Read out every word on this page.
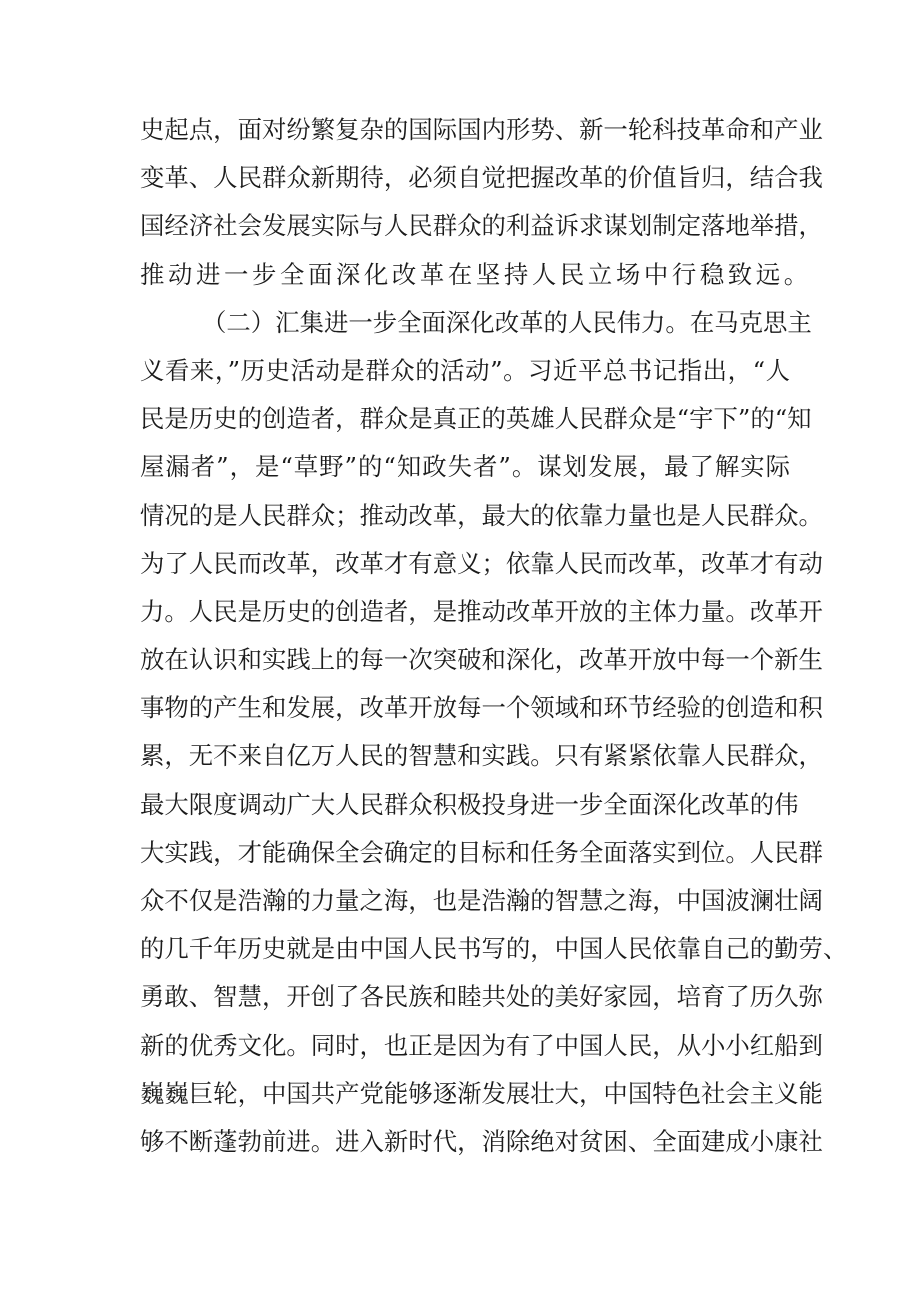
史起点，面对纷繁复杂的国际国内形势、新一轮科技革命和产业
变革、人民群众新期待，必须自觉把握改革的价值旨归，结合我
国经济社会发展实际与人民群众的利益诉求谋划制定落地举措，
推动进一步全面深化改革在坚持人民立场中行稳致远。
（二）汇集进一步全面深化改革的人民伟力。在马克思主
义看来，”历史活动是群众的活动”。习近平总书记指出，“人
民是历史的创造者，群众是真正的英雄人民群众是“宇下”的“知
屋漏者”，是“草野”的“知政失者”。谋划发展，最了解实际
情况的是人民群众；推动改革，最大的依靠力量也是人民群众。
为了人民而改革，改革才有意义；依靠人民而改革，改革才有动
力。人民是历史的创造者，是推动改革开放的主体力量。改革开
放在认识和实践上的每一次突破和深化，改革开放中每一个新生
事物的产生和发展，改革开放每一个领域和环节经验的创造和积
累，无不来自亿万人民的智慧和实践。只有紧紧依靠人民群众，
最大限度调动广大人民群众积极投身进一步全面深化改革的伟
大实践，才能确保全会确定的目标和任务全面落实到位。人民群
众不仅是浩瀚的力量之海，也是浩瀚的智慧之海，中国波澜壮阔
的几千年历史就是由中国人民书写的，中国人民依靠自己的勤劳、
勇敢、智慧，开创了各民族和睦共处的美好家园，培育了历久弥
新的优秀文化。同时，也正是因为有了中国人民，从小小红船到
巍巍巨轮，中国共产党能够逐渐发展壮大，中国特色社会主义能
够不断蓬勃前进。进入新时代，消除绝对贫困、全面建成小康社
